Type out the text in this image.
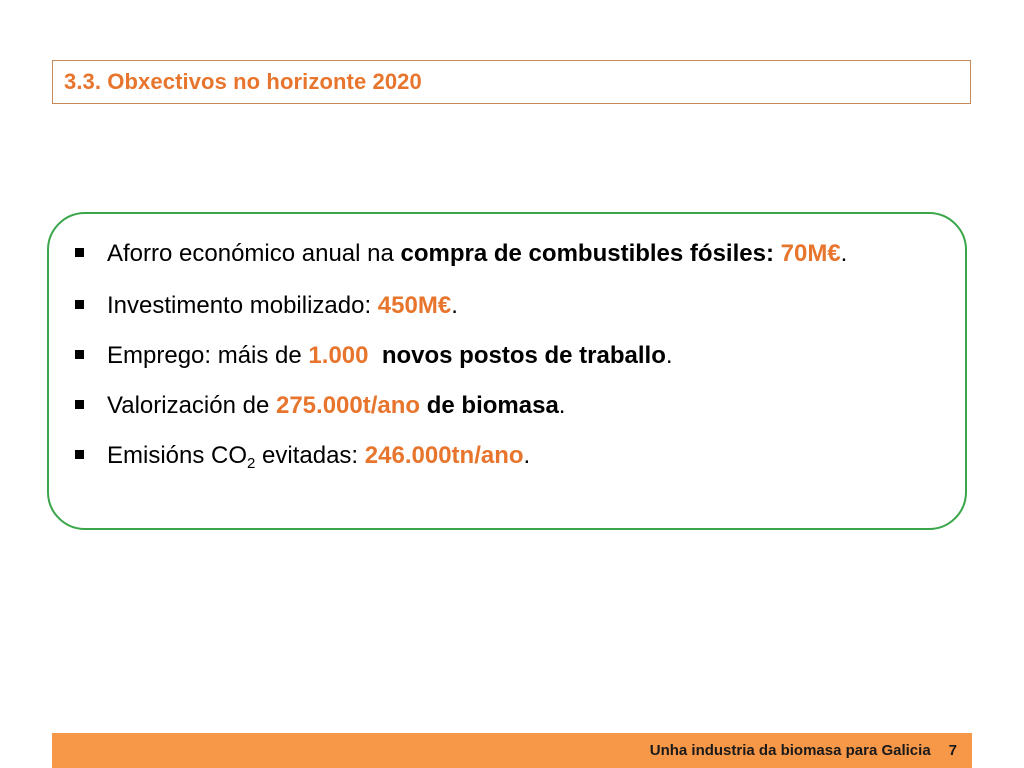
3.3. Obxectivos no horizonte 2020
Aforro económico anual na compra de combustibles fósiles: 70M€.
Investimento mobilizado: 450M€.
Emprego: máis de 1.000  novos postos de traballo.
Valorización de 275.000t/ano de biomasa.
Emisións $CO_2$ evitadas: 246.000tn/ano.
Unha industria da biomasa para Galicia 7
